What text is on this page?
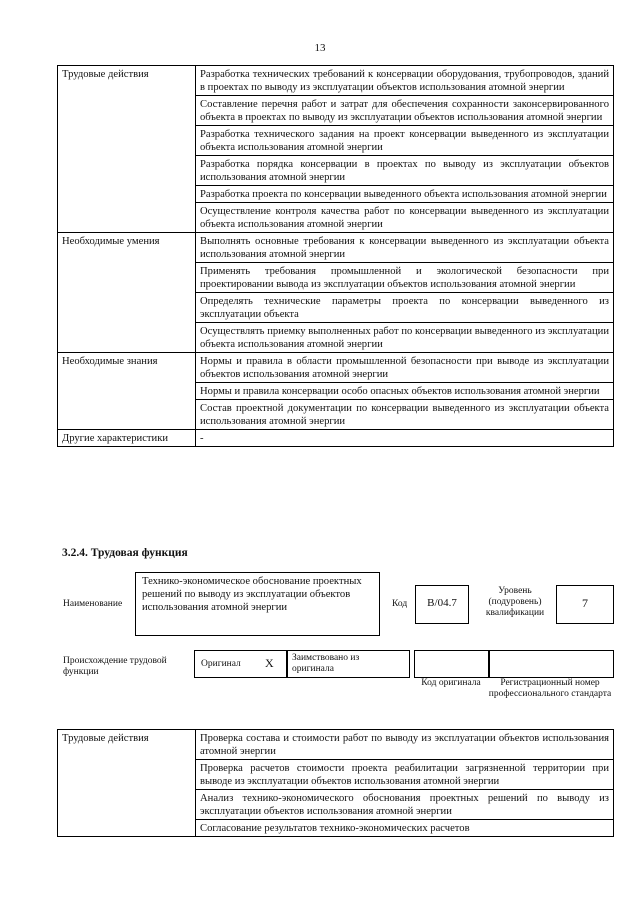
13
Трудовые действия	Разработка технических требований к консервации оборудования, трубопроводов, зданий в проектах по выводу из эксплуатации объектов использования атомной энергии
	Составление перечня работ и затрат для обеспечения сохранности законсервированного объекта в проектах по выводу из эксплуатации объектов использования атомной энергии
	Разработка технического задания на проект консервации выведенного из эксплуатации объекта использования атомной энергии
	Разработка порядка консервации в проектах по выводу из эксплуатации объектов использования атомной энергии
	Разработка проекта по консервации выведенного объекта использования атомной энергии
	Осуществление контроля качества работ по консервации выведенного из эксплуатации объекта использования атомной энергии
Необходимые умения	Выполнять основные требования к консервации выведенного из эксплуатации объекта использования атомной энергии
	Применять требования промышленной и экологической безопасности при проектировании вывода из эксплуатации объектов использования атомной энергии
	Определять технические параметры проекта по консервации выведенного из эксплуатации объекта
	Осуществлять приемку выполненных работ по консервации выведенного из эксплуатации объекта использования атомной энергии
Необходимые знания	Нормы и правила в области промышленной безопасности при выводе из эксплуатации объектов использования атомной энергии
	Нормы и правила консервации особо опасных объектов использования атомной энергии
	Состав проектной документации по консервации выведенного из эксплуатации объекта использования атомной энергии
Другие характеристики	-
3.2.4. Трудовая функция
Наименование
Технико-экономическое обоснование проектных решений по выводу из эксплуатации объектов использования атомной энергии	Код	В/04.7
Уровень (подуровень) квалификации
7
Происхождение трудовой функции
Оригинал X Заимствовано из оригинала
Код оригинала	Регистрационный номер профессионального стандарта
Трудовые действия	Проверка состава и стоимости работ по выводу из эксплуатации объектов использования атомной энергии
Проверка расчетов стоимости проекта реабилитации загрязненной территории при выводе из эксплуатации объектов использования атомной энергии
Анализ технико-экономического обоснования проектных решений по выводу из эксплуатации объектов использования атомной энергии
Согласование результатов технико-экономических расчетов
